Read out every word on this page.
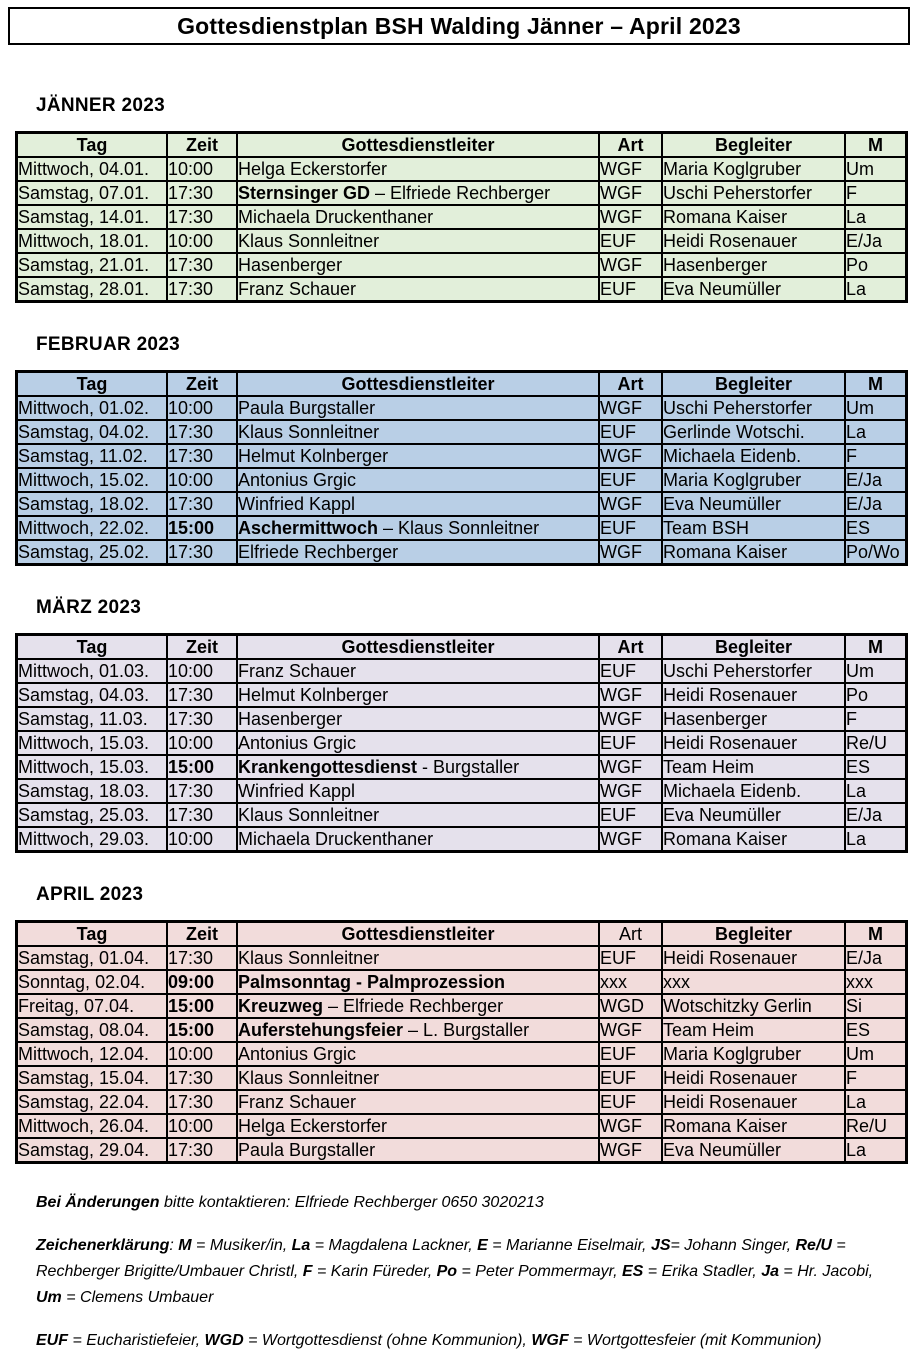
Gottesdienstplan BSH Walding Jänner – April 2023
JÄNNER 2023
Tag	Zeit	Gottesdienstleiter	Art	Begleiter	M
Mittwoch, 04.01.	10:00	Helga Eckerstorfer	WGF	Maria Koglgruber	Um
Samstag, 07.01.	17:30	Sternsinger GD – Elfriede Rechberger	WGF	Uschi Peherstorfer	F
Samstag, 14.01.	17:30	Michaela Druckenthaner	WGF	Romana Kaiser	La
Mittwoch, 18.01.	10:00	Klaus Sonnleitner	EUF	Heidi Rosenauer	E/Ja
Samstag, 21.01.	17:30	Hasenberger	WGF	Hasenberger	Po
Samstag, 28.01.	17:30	Franz Schauer	EUF	Eva Neumüller	La
FEBRUAR 2023
Tag	Zeit	Gottesdienstleiter	Art	Begleiter	M
Mittwoch, 01.02.	10:00	Paula Burgstaller	WGF	Uschi Peherstorfer	Um
Samstag, 04.02.	17:30	Klaus Sonnleitner	EUF	Gerlinde Wotschi.	La
Samstag, 11.02.	17:30	Helmut Kolnberger	WGF	Michaela Eidenb.	F
Mittwoch, 15.02.	10:00	Antonius Grgic	EUF	Maria Koglgruber	E/Ja
Samstag, 18.02.	17:30	Winfried Kappl	WGF	Eva Neumüller	E/Ja
Mittwoch, 22.02.	15:00	Aschermittwoch – Klaus Sonnleitner	EUF	Team BSH	ES
Samstag, 25.02.	17:30	Elfriede Rechberger	WGF	Romana Kaiser	Po/Wo
MÄRZ 2023
Tag	Zeit	Gottesdienstleiter	Art	Begleiter	M
Mittwoch, 01.03.	10:00	Franz Schauer	EUF	Uschi Peherstorfer	Um
Samstag, 04.03.	17:30	Helmut Kolnberger	WGF	Heidi Rosenauer	Po
Samstag, 11.03.	17:30	Hasenberger	WGF	Hasenberger	F
Mittwoch, 15.03.	10:00	Antonius Grgic	EUF	Heidi Rosenauer	Re/U
Mittwoch, 15.03.	15:00	Krankengottesdienst - Burgstaller	WGF	Team Heim	ES
Samstag, 18.03.	17:30	Winfried Kappl	WGF	Michaela Eidenb.	La
Samstag, 25.03.	17:30	Klaus Sonnleitner	EUF	Eva Neumüller	E/Ja
Mittwoch, 29.03.	10:00	Michaela Druckenthaner	WGF	Romana Kaiser	La
APRIL 2023
Tag	Zeit	Gottesdienstleiter	Art	Begleiter	M
Samstag, 01.04.	17:30	Klaus Sonnleitner	EUF	Heidi Rosenauer	E/Ja
Sonntag, 02.04.	09:00	Palmsonntag - Palmprozession	xxx	xxx	xxx
Freitag, 07.04.	15:00	Kreuzweg – Elfriede Rechberger	WGD	Wotschitzky Gerlin	Si
Samstag, 08.04.	15:00	Auferstehungsfeier – L. Burgstaller	WGF	Team Heim	ES
Mittwoch, 12.04.	10:00	Antonius Grgic	EUF	Maria Koglgruber	Um
Samstag, 15.04.	17:30	Klaus Sonnleitner	EUF	Heidi Rosenauer	F
Samstag, 22.04.	17:30	Franz Schauer	EUF	Heidi Rosenauer	La
Mittwoch, 26.04.	10:00	Helga Eckerstorfer	WGF	Romana Kaiser	Re/U
Samstag, 29.04.	17:30	Paula Burgstaller	WGF	Eva Neumüller	La

Bei Änderungen bitte kontaktieren: Elfriede Rechberger 0650 3020213

Zeichenerklärung: M = Musiker/in, La = Magdalena Lackner, E = Marianne Eiselmair, JS= Johann Singer, Re/U = Rechberger Brigitte/Umbauer Christl, F = Karin Füreder, Po = Peter Pommermayr, ES = Erika Stadler, Ja = Hr. Jacobi, Um = Clemens Umbauer

EUF = Eucharistiefeier, WGD = Wortgottesdienst (ohne Kommunion), WGF = Wortgottesfeier (mit Kommunion)
